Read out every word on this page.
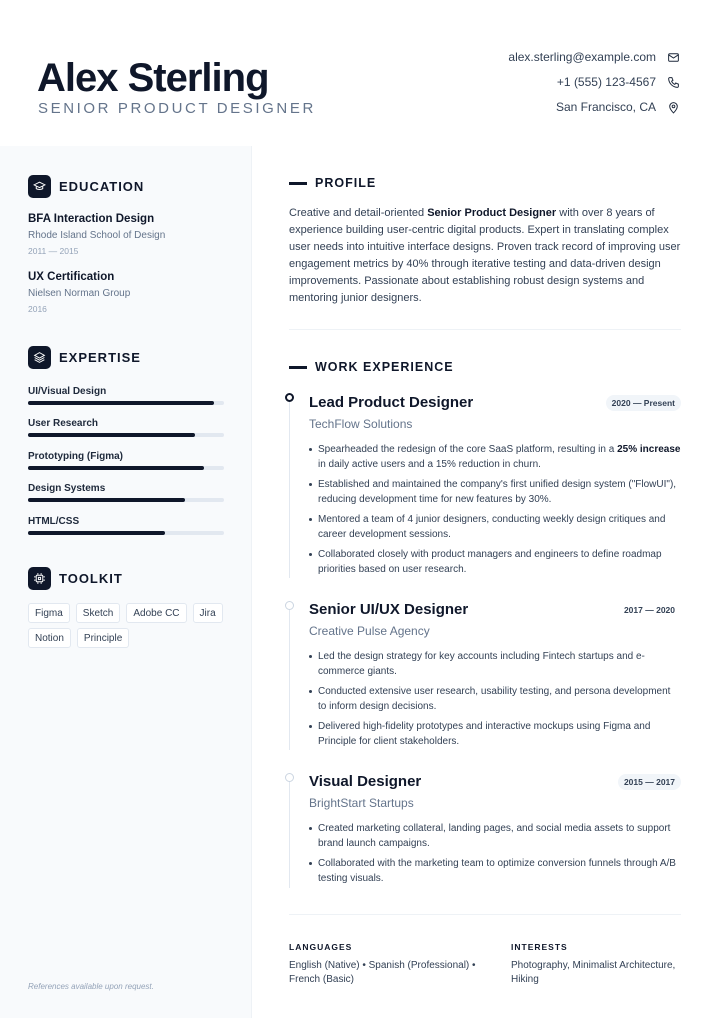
Alex Sterling
SENIOR PRODUCT DESIGNER
alex.sterling@example.com
+1 (555) 123-4567
San Francisco, CA
EDUCATION
BFA Interaction Design
Rhode Island School of Design
2011 — 2015
UX Certification
Nielsen Norman Group
2016
EXPERTISE
UI/Visual Design
User Research
Prototyping (Figma)
Design Systems
HTML/CSS
TOOLKIT
Figma	Sketch	Adobe CC	Jira
Notion	Principle
References available upon request.
PROFILE

Creative and detail-oriented Senior Product Designer with over 8 years of experience building user-centric digital products. Expert in translating complex user needs into intuitive interface designs. Proven track record of improving user engagement metrics by 40% through iterative testing and data-driven design improvements. Passionate about establishing robust design systems and mentoring junior designers.

WORK EXPERIENCE
Lead Product Designer
TechFlow Solutions
2020 — Present
Spearheaded the redesign of the core SaaS platform, resulting in a 25% increase in daily active users and a 15% reduction in churn.
Established and maintained the company's first unified design system ("FlowUI"), reducing development time for new features by 30%.
Mentored a team of 4 junior designers, conducting weekly design critiques and career development sessions.
Collaborated closely with product managers and engineers to define roadmap priorities based on user research.
Senior UI/UX Designer
Creative Pulse Agency
2017 — 2020
Led the design strategy for key accounts including Fintech startups and e-commerce giants.
Conducted extensive user research, usability testing, and persona development to inform design decisions.
Delivered high-fidelity prototypes and interactive mockups using Figma and Principle for client stakeholders.
Visual Designer
BrightStart Startups
2015 — 2017
Created marketing collateral, landing pages, and social media assets to support brand launch campaigns.
Collaborated with the marketing team to optimize conversion funnels through A/B testing visuals.
LANGUAGES
English (Native) • Spanish (Professional) • French (Basic)
INTERESTS
Photography, Minimalist Architecture, Hiking
